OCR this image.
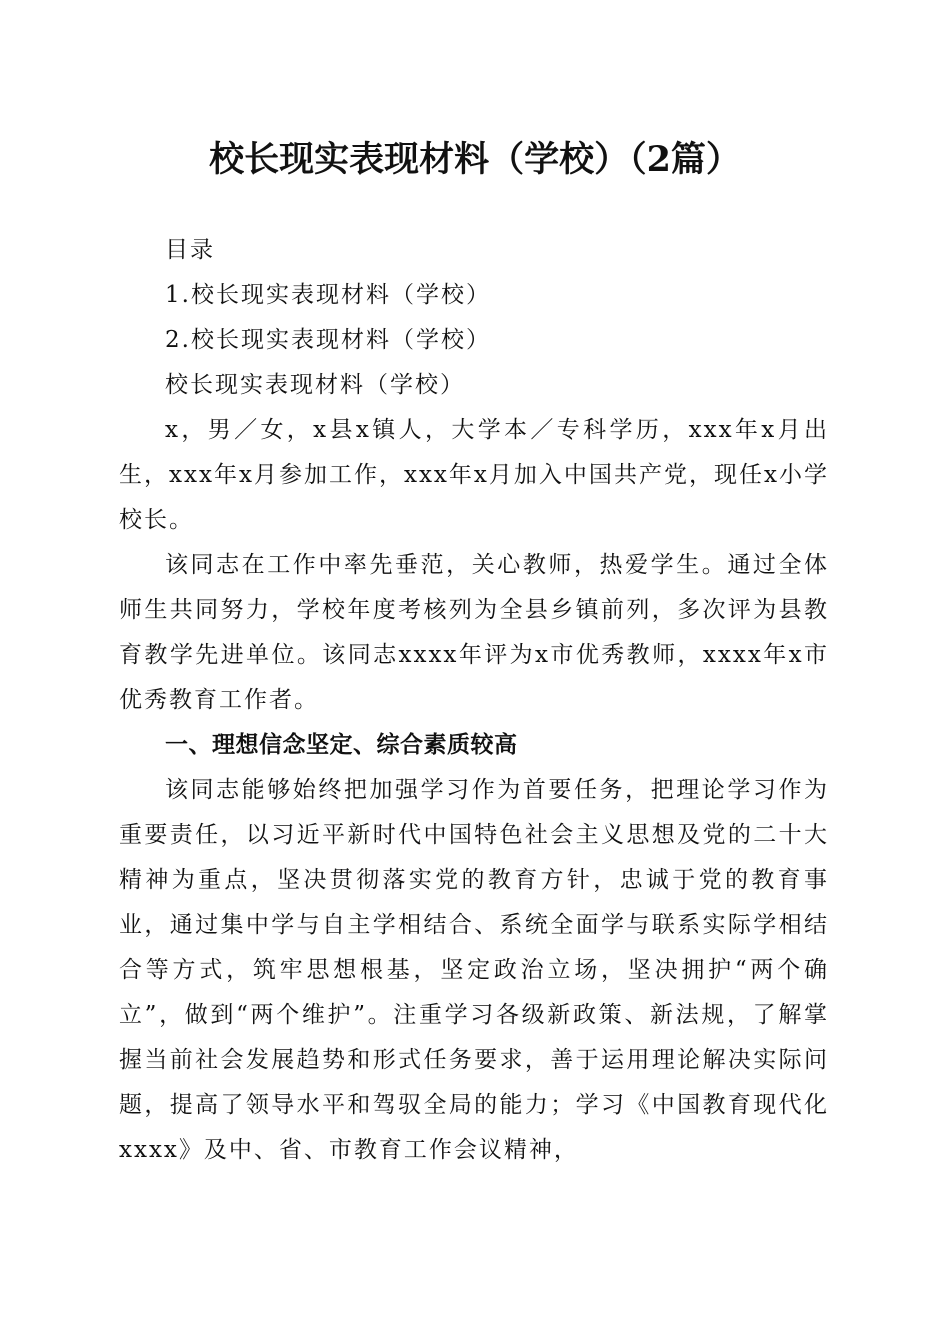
校长现实表现材料（学校）（2篇）

目录

1.校长现实表现材料（学校）

2.校长现实表现材料（学校）

校长现实表现材料（学校）

x，男／女，x县x镇人，大学本／专科学历，xxx年x月出生，xxx年x月参加工作，xxx年x月加入中国共产党，现任x小学校长。

该同志在工作中率先垂范，关心教师，热爱学生。通过全体师生共同努力，学校年度考核列为全县乡镇前列，多次评为县教育教学先进单位。该同志xxxx年评为x市优秀教师，xxxx年x市优秀教育工作者。

一、理想信念坚定、综合素质较高

该同志能够始终把加强学习作为首要任务，把理论学习作为重要责任，以习近平新时代中国特色社会主义思想及党的二十大精神为重点，坚决贯彻落实党的教育方针，忠诚于党的教育事业，通过集中学与自主学相结合、系统全面学与联系实际学相结合等方式，筑牢思想根基，坚定政治立场，坚决拥护“两个确立”，做到“两个维护”。注重学习各级新政策、新法规，了解掌握当前社会发展趋势和形式任务要求，善于运用理论解决实际问题，提高了领导水平和驾驭全局的能力；学习《中国教育现代化xxxx》及中、省、市教育工作会议精神，
